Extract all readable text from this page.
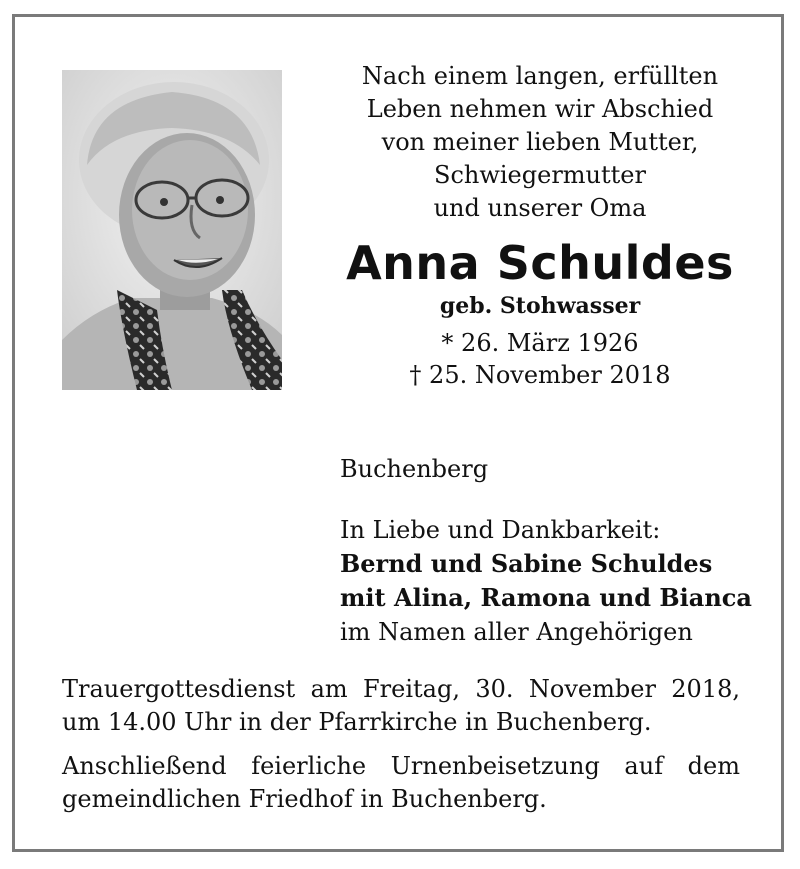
Nach einem langen, erfüllten
Leben nehmen wir Abschied
von meiner lieben Mutter,
Schwiegermutter
und unserer Oma
Anna Schuldes
geb. Stohwasser
* 26. März 1926
† 25. November 2018
Buchenberg
In Liebe und Dankbarkeit:
Bernd und Sabine Schuldes
mit Alina, Ramona und Bianca
im Namen aller Angehörigen
Trauergottesdienst am Freitag, 30. November 2018,
um 14.00 Uhr in der Pfarrkirche in Buchenberg.
Anschließend feierliche Urnenbeisetzung auf dem
gemeindlichen Friedhof in Buchenberg.
